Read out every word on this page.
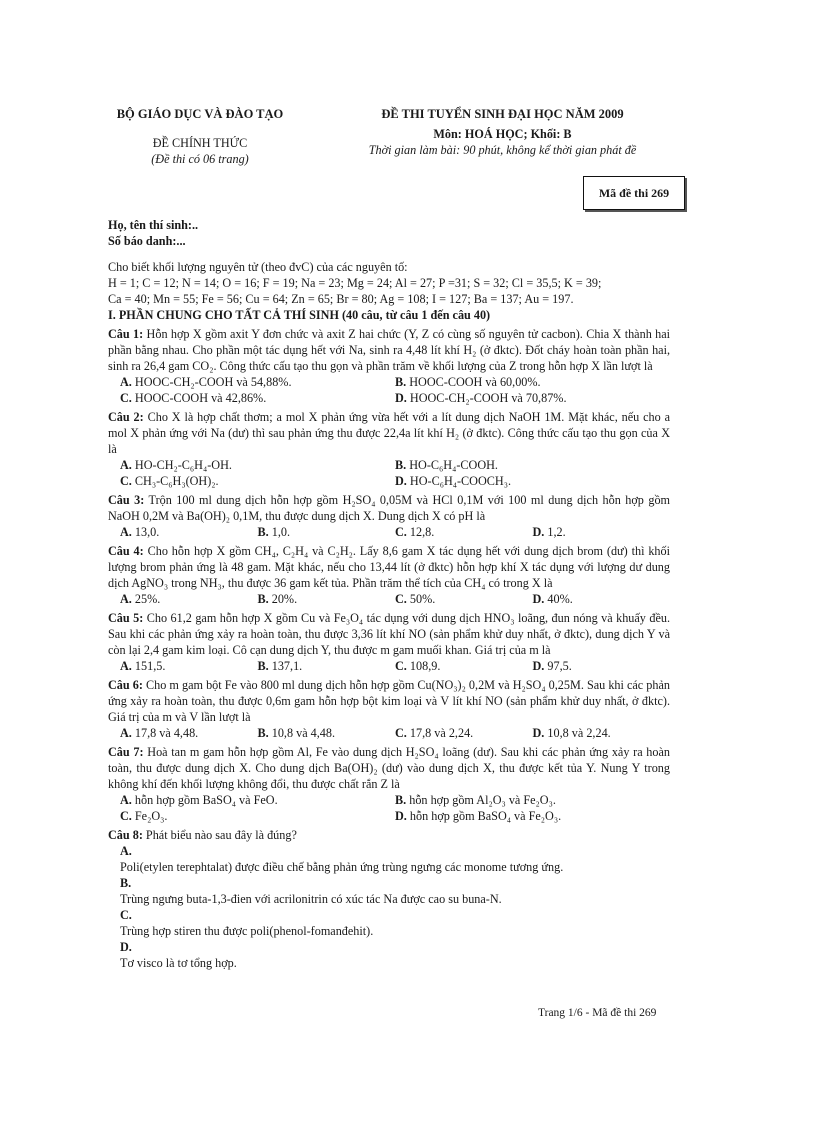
BỘ GIÁO DỤC VÀ ĐÀO TẠO
ĐỀ CHÍNH THỨC
(Đề thi có 06 trang)
ĐỀ THI TUYỂN SINH ĐẠI HỌC NĂM 2009
Môn: HOÁ HỌC; Khối: B
Thời gian làm bài: 90 phút, không kể thời gian phát đề
Mã đề thi 269
Họ, tên thí sinh:..
Số báo danh:...
Cho biết khối lượng nguyên tử (theo đvC) của các nguyên tố:
H = 1; C = 12; N = 14; O = 16; F = 19; Na = 23; Mg = 24; Al = 27; P =31; S = 32; Cl = 35,5; K = 39;
Ca = 40; Mn = 55; Fe = 56; Cu = 64; Zn = 65; Br = 80; Ag = 108; I = 127; Ba = 137; Au = 197.
I. PHẦN CHUNG CHO TẤT CẢ THÍ SINH (40 câu, từ câu 1 đến câu 40)
Câu 1: Hỗn hợp X gồm axit Y đơn chức và axit Z hai chức (Y, Z có cùng số nguyên tử cacbon). Chia X thành hai phần bằng nhau. Cho phần một tác dụng hết với Na, sinh ra 4,48 lít khí H₂ (ở đktc). Đốt cháy hoàn toàn phần hai, sinh ra 26,4 gam CO₂. Công thức cấu tạo thu gọn và phần trăm về khối lượng của Z trong hỗn hợp X lần lượt là
A. HOOC-CH₂-COOH và 54,88%.	B. HOOC-COOH và 60,00%.
C. HOOC-COOH và 42,86%.	D. HOOC-CH₂-COOH và 70,87%.
Câu 2: Cho X là hợp chất thơm; a mol X phản ứng vừa hết với a lít dung dịch NaOH 1M. Mặt khác, nếu cho a mol X phản ứng với Na (dư) thì sau phản ứng thu được 22,4a lít khí H₂ (ở đktc). Công thức cấu tạo thu gọn của X là
A. HO-CH₂-C₆H₄-OH.	B. HO-C₆H₄-COOH.
C. CH₃-C₆H₃(OH)₂.	D. HO-C₆H₄-COOCH₃.
Câu 3: Trộn 100 ml dung dịch hỗn hợp gồm H₂SO₄ 0,05M và HCl 0,1M với 100 ml dung dịch hỗn hợp gồm NaOH 0,2M và Ba(OH)₂ 0,1M, thu được dung dịch X. Dung dịch X có pH là
A. 13,0.	B. 1,0.	C. 12,8.	D. 1,2.
Câu 4: Cho hỗn hợp X gồm CH₄, C₂H₄ và C₂H₂. Lấy 8,6 gam X tác dụng hết với dung dịch brom (dư) thì khối lượng brom phản ứng là 48 gam. Mặt khác, nếu cho 13,44 lít (ở đktc) hỗn hợp khí X tác dụng với lượng dư dung dịch AgNO₃ trong NH₃, thu được 36 gam kết tủa. Phần trăm thể tích của CH₄ có trong X là
A. 25%.	B. 20%.	C. 50%.	D. 40%.
Câu 5: Cho 61,2 gam hỗn hợp X gồm Cu và Fe₃O₄ tác dụng với dung dịch HNO₃ loãng, đun nóng và khuấy đều. Sau khi các phản ứng xảy ra hoàn toàn, thu được 3,36 lít khí NO (sản phẩm khử duy nhất, ở đktc), dung dịch Y và còn lại 2,4 gam kim loại. Cô cạn dung dịch Y, thu được m gam muối khan. Giá trị của m là
A. 151,5.	B. 137,1.	C. 108,9.	D. 97,5.
Câu 6: Cho m gam bột Fe vào 800 ml dung dịch hỗn hợp gồm Cu(NO₃)₂ 0,2M và H₂SO₄ 0,25M. Sau khi các phản ứng xảy ra hoàn toàn, thu được 0,6m gam hỗn hợp bột kim loại và V lít khí NO (sản phẩm khử duy nhất, ở đktc). Giá trị của m và V lần lượt là
A. 17,8 và 4,48.	B. 10,8 và 4,48.	C. 17,8 và 2,24.	D. 10,8 và 2,24.
Câu 7: Hoà tan m gam hỗn hợp gồm Al, Fe vào dung dịch H₂SO₄ loãng (dư). Sau khi các phản ứng xảy ra hoàn toàn, thu được dung dịch X. Cho dung dịch Ba(OH)₂ (dư) vào dung dịch X, thu được kết tủa Y. Nung Y trong không khí đến khối lượng không đổi, thu được chất rắn Z là
A. hỗn hợp gồm BaSO₄ và FeO.	B. hỗn hợp gồm Al₂O₃ và Fe₂O₃.
C. Fe₂O₃.	D. hỗn hợp gồm BaSO₄ và Fe₂O₃.
Câu 8: Phát biểu nào sau đây là đúng?
A.
Poli(etylen terephtalat) được điều chế bằng phản ứng trùng ngưng các monome tương ứng.
B.
Trùng ngưng buta-1,3-đien với acrilonitrin có xúc tác Na được cao su buna-N.
C.
Trùng hợp stiren thu được poli(phenol-fomanđehit).
D.
Tơ visco là tơ tổng hợp.
Trang 1/6 - Mã đề thi 269
